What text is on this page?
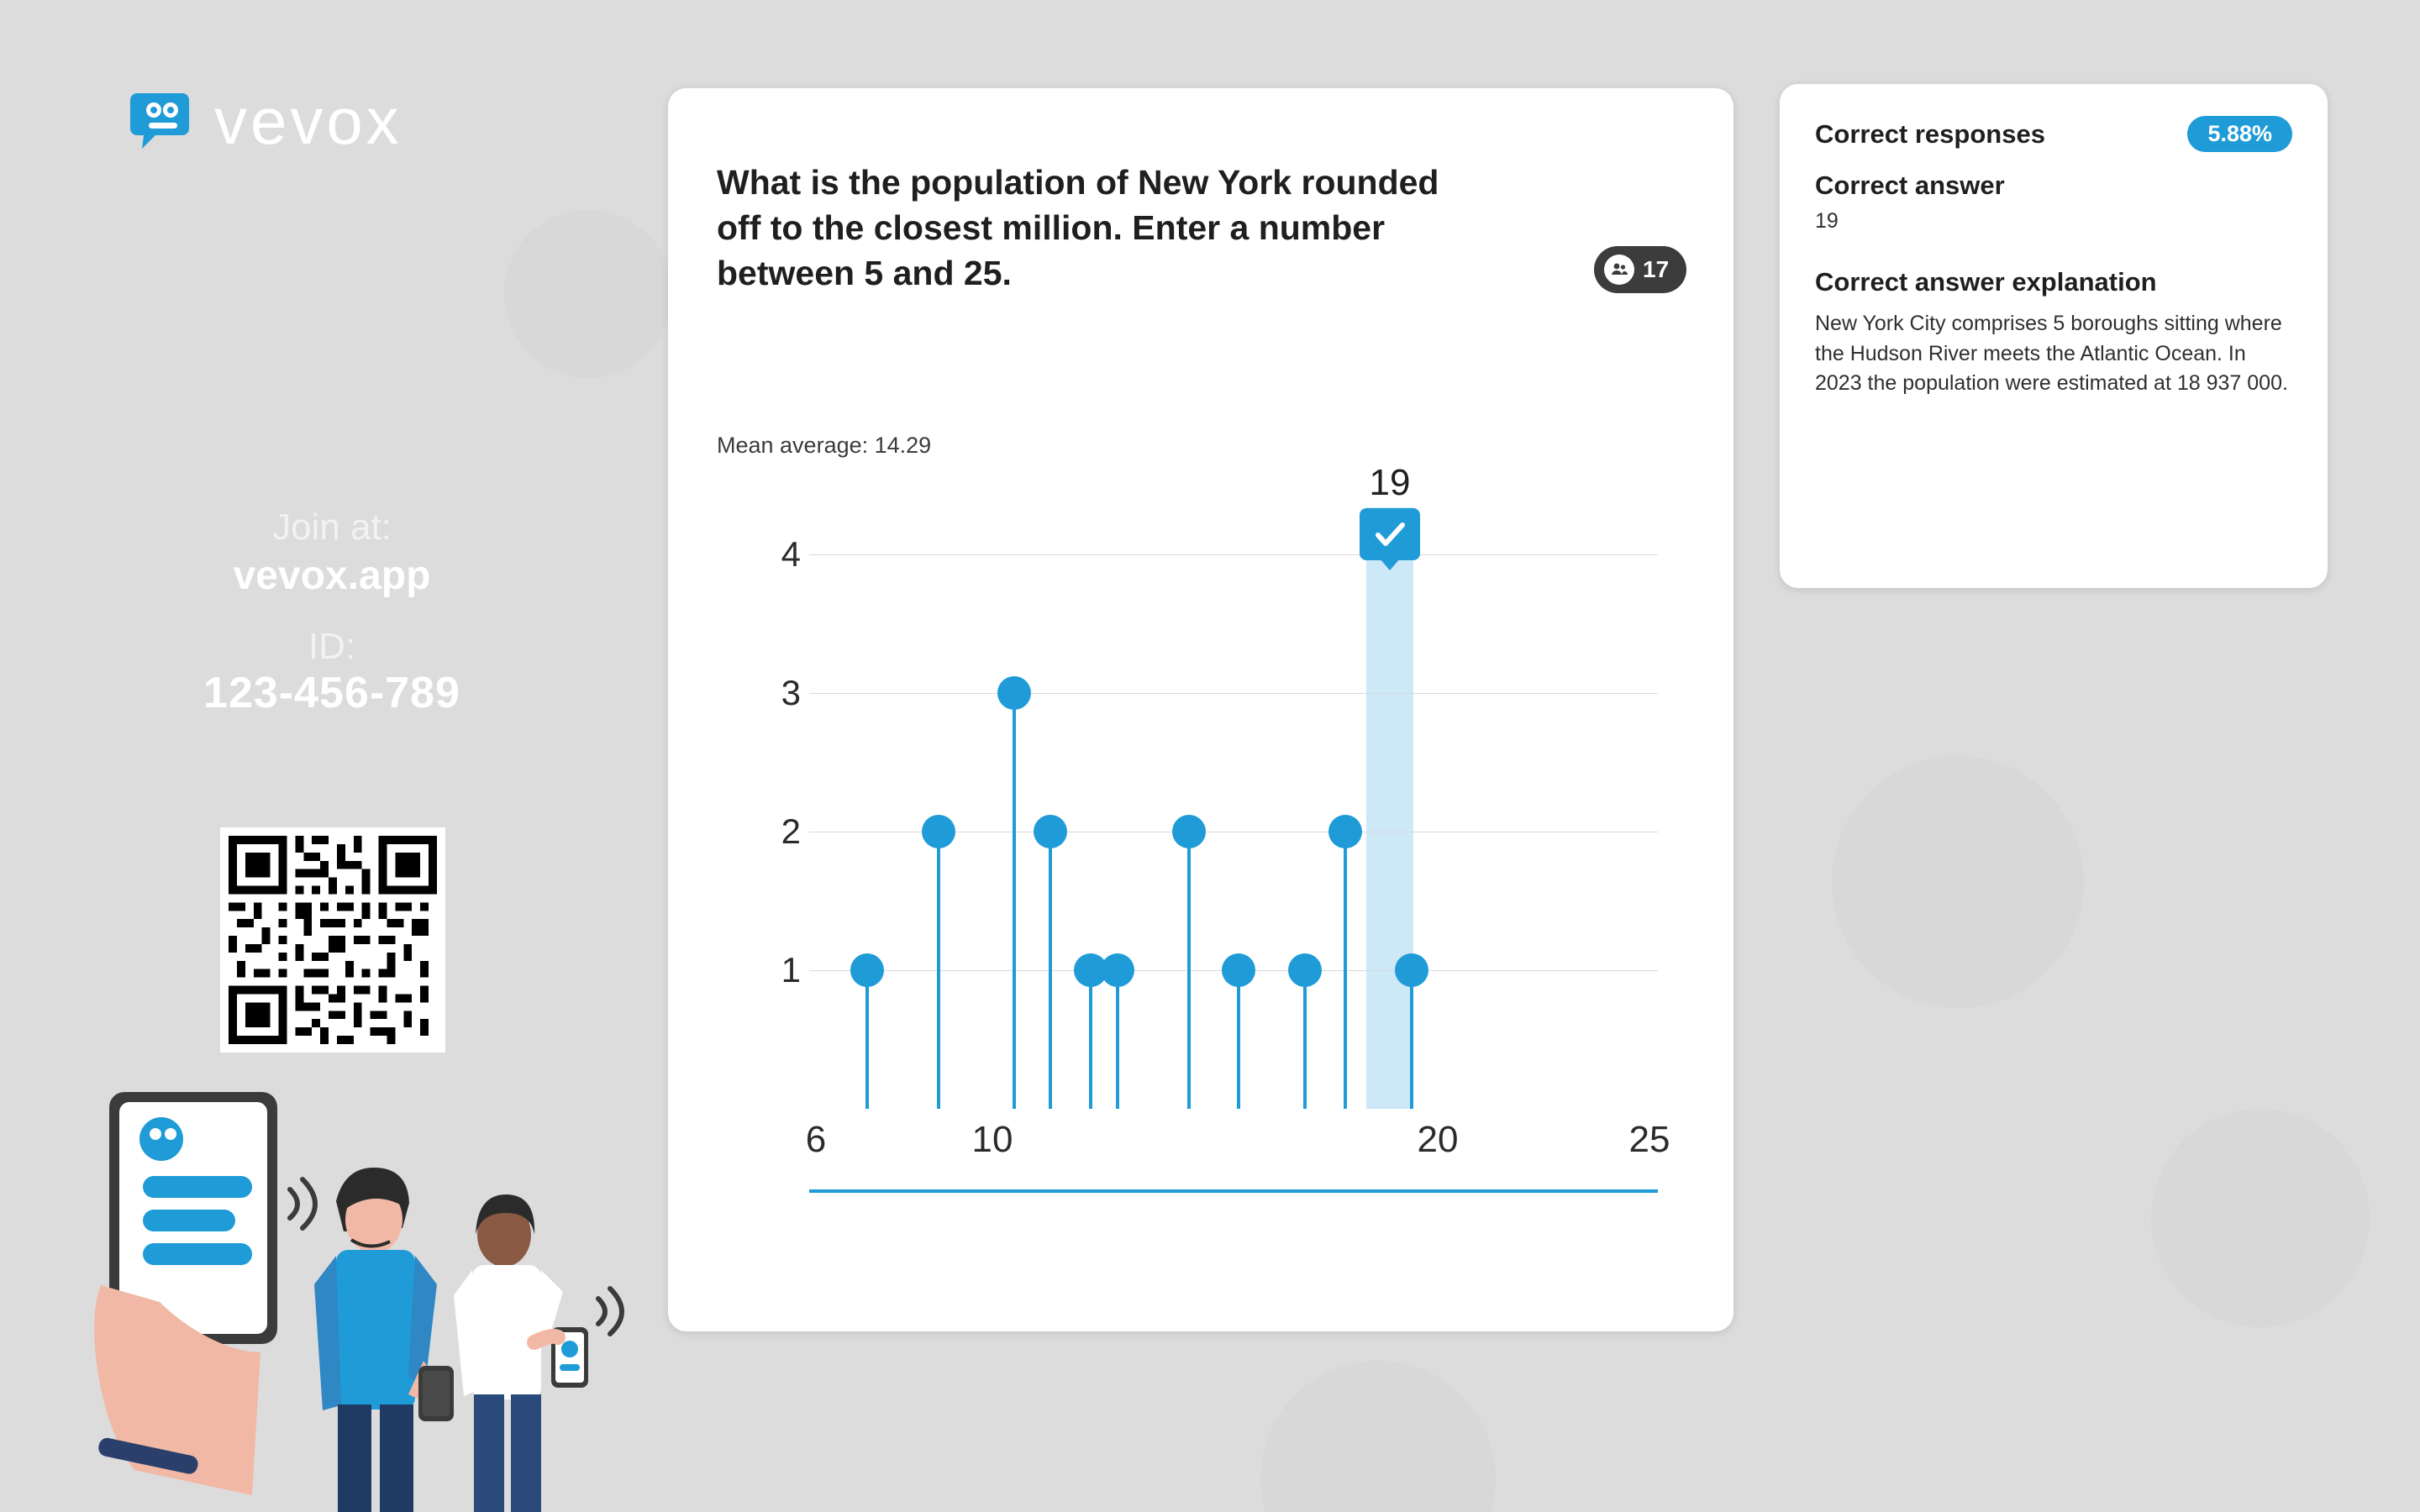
vevox
Join at:
vevox.app
ID:
123-456-789
What is the population of New York rounded off to the closest million. Enter a number between 5 and 25.	17
Mean average: 14.29
4
3
2
1
6	10	20	25
19
Correct responses	5.88%
Correct answer
19
Correct answer explanation
New York City comprises 5 boroughs sitting where the Hudson River meets the Atlantic Ocean. In 2023 the population were estimated at 18 937 000.
